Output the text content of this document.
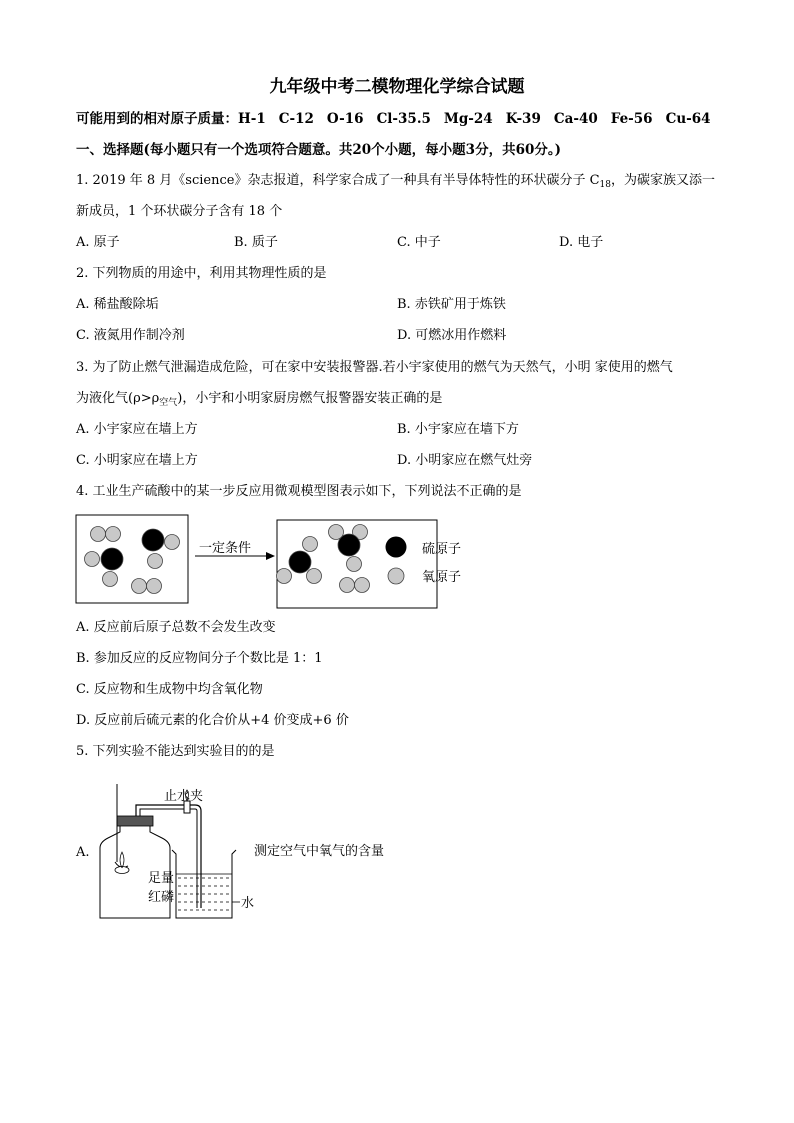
九年级中考二模物理化学综合试题
可能用到的相对原子质量：H-1 C-12 O-16 Cl-35.5 Mg-24 K-39 Ca-40 Fe-56 Cu-64
一、选择题(每小题只有一个选项符合题意。共20个小题，每小题3分，共60分。)
1. 2019 年 8 月《science》杂志报道，科学家合成了一种具有半导体特性的环状碳分子 $C_{18}$，为碳家族又添一
新成员，1 个环状碳分子含有 18 个
A. 原子	B. 质子	C. 中子	D. 电子
2. 下列物质的用途中，利用其物理性质的是
A. 稀盐酸除垢	B. 赤铁矿用于炼铁
C. 液氮用作制冷剂	D. 可燃冰用作燃料
3. 为了防止燃气泄漏造成危险，可在家中安装报警器.若小宇家使用的燃气为天然气，小明 家使用的燃气
为液化气$(\rho>\rho_{空气})$，小宇和小明家厨房燃气报警器安装正确的是
A. 小宇家应在墙上方	B. 小宇家应在墙下方
C. 小明家应在墙上方	D. 小明家应在燃气灶旁
4. 工业生产硫酸中的某一步反应用微观模型图表示如下，下列说法不正确的是
一定条件	硫原子
氧原子
A. 反应前后原子总数不会发生改变
B. 参加反应的反应物间分子个数比是 1：1
C. 反应物和生成物中均含氧化物
D. 反应前后硫元素的化合价从+4 价变成+6 价
5. 下列实验不能达到实验目的的是
A.
止水夹
水
足量
红磷
测定空气中氧气的含量
